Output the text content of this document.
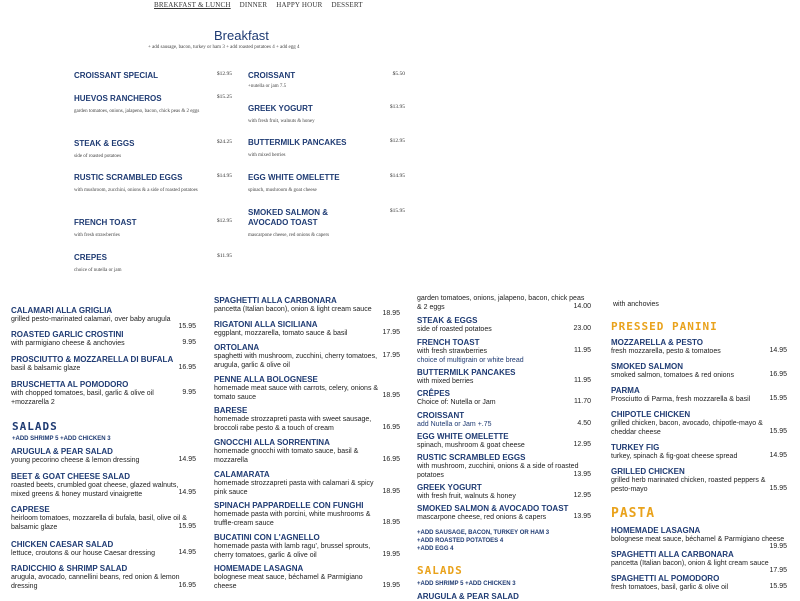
BREAKFAST & LUNCH DINNER HAPPY HOUR DESSERT
Breakfast
+ add sausage, bacon, turkey or ham 3 + add roasted potatoes 4 + add egg 4
CROISSANT SPECIAL	$12.95
HUEVOS RANCHEROS
garden tomatoes, onions, jalapeno, bacon, chick peas & 2 eggs
$15.25
STEAK & EGGS
side of roasted potatoes
$24.25
RUSTIC SCRAMBLED EGGS
with mushroom, zucchini, onions & a side of roasted potatoes
$14.95
FRENCH TOAST
with fresh strawberries
$12.95
CREPES
choice of nutella or jam
$11.95
CROISSANT
+nutella or jam 7.5
$5.50
GREEK YOGURT
with fresh fruit, walnuts & honey
$13.95
BUTTERMILK PANCAKES
with mixed berries
$12.95
EGG WHITE OMELETTE
spinach, mushroom & goat cheese
$14.95
SMOKED SALMON & AVOCADO TOAST
mascarpone cheese, red onions & capers
$15.95
CALAMARI ALLA GRIGLIA
grilled pesto-marinated calamari, over baby arugula
15.95
ROASTED GARLIC CROSTINI
with parmigiano cheese & anchovies	9.95
PROSCIUTTO & MOZZARELLA DI BUFALA
basil & balsamic glaze	16.95
BRUSCHETTA AL POMODORO
with chopped tomatoes, basil, garlic & olive oil +mozzarella 2
9.95
SALADS
+ADD SHRIMP 5 +ADD CHICKEN 3
ARUGULA & PEAR SALAD
young pecorino cheese & lemon dressing	14.95
BEET & GOAT CHEESE SALAD
roasted beets, crumbled goat cheese, glazed walnuts, mixed greens & honey mustard vinaigrette	14.95
CAPRESE
heirloom tomatoes, mozzarella di bufala, basil, olive oil & balsamic glaze	15.95
CHICKEN CAESAR SALAD
lettuce, croutons & our house Caesar dressing	14.95
RADICCHIO & SHRIMP SALAD
arugula, avocado, cannellini beans, red onion & lemon dressing	16.95
SPAGHETTI ALLA CARBONARA
pancetta (Italian bacon), onion & light cream sauce
18.95
RIGATONI ALLA SICILIANA
eggplant, mozzarella, tomato sauce & basil	17.95
ORTOLANA
spaghetti with mushroom, zucchini, cherry tomatoes, arugula, garlic & olive oil
17.95
PENNE ALLA BOLOGNESE
homemade meat sauce with carrots, celery, onions & tomato sauce	18.95
BARESE
homemade strozzapreti pasta with sweet sausage, broccoli rabe pesto & a touch of cream	16.95
GNOCCHI ALLA SORRENTINA
homemade gnocchi with tomato sauce, basil & mozzarella	16.95
CALAMARATA
homemade strozzapreti pasta with calamari & spicy pink sauce	18.95
SPINACH PAPPARDELLE CON FUNGHI
homemade pasta with porcini, white mushrooms & truffle-cream sauce	18.95
BUCATINI CON L'AGNELLO
homemade pasta with lamb ragu', brussel sprouts, cherry tomatoes, garlic & olive oil	19.95
HOMEMADE LASAGNA
bolognese meat sauce, béchamel & Parmigiano cheese	19.95
garden tomatoes, onions, jalapeno, bacon, chick peas & 2 eggs	14.00
STEAK & EGGS
side of roasted potatoes	23.00
FRENCH TOAST
with fresh strawberries
choice of multigrain or white bread
11.95
BUTTERMILK PANCAKES
with mixed berries	11.95
CRÊPES
Choice of: Nutella or Jam	11.70
CROISSANT
add Nutella or Jam +.75	4.50
EGG WHITE OMELETTE
spinach, mushroom & goat cheese	12.95
RUSTIC SCRAMBLED EGGS
with mushroom, zucchini, onions & a side of roasted potatoes	13.95
GREEK YOGURT
with fresh fruit, walnuts & honey	12.95
SMOKED SALMON & AVOCADO TOAST
mascarpone cheese, red onions & capers	13.95
+ADD SAUSAGE, BACON, TURKEY OR HAM 3
+ADD ROASTED POTATOES 4
+ADD EGG 4
SALADS
+ADD SHRIMP 5 +ADD CHICKEN 3
ARUGULA & PEAR SALAD
with anchovies
PRESSED PANINI
MOZZARELLA & PESTO
fresh mozzarella, pesto & tomatoes	14.95
SMOKED SALMON
smoked salmon, tomatoes & red onions	16.95
PARMA
Prosciutto di Parma, fresh mozzarella & basil	15.95
CHIPOTLE CHICKEN
grilled chicken, bacon, avocado, chipotle-mayo & cheddar cheese	15.95
TURKEY FIG
turkey, spinach & fig-goat cheese spread	14.95
GRILLED CHICKEN
grilled herb marinated chicken, roasted peppers & pesto-mayo	15.95
PASTA
HOMEMADE LASAGNA
bolognese meat sauce, béchamel & Parmigiano cheese
19.95
SPAGHETTI ALLA CARBONARA
pancetta (Italian bacon), onion & light cream sauce
17.95
SPAGHETTI AL POMODORO
fresh tomatoes, basil, garlic & olive oil	15.95
